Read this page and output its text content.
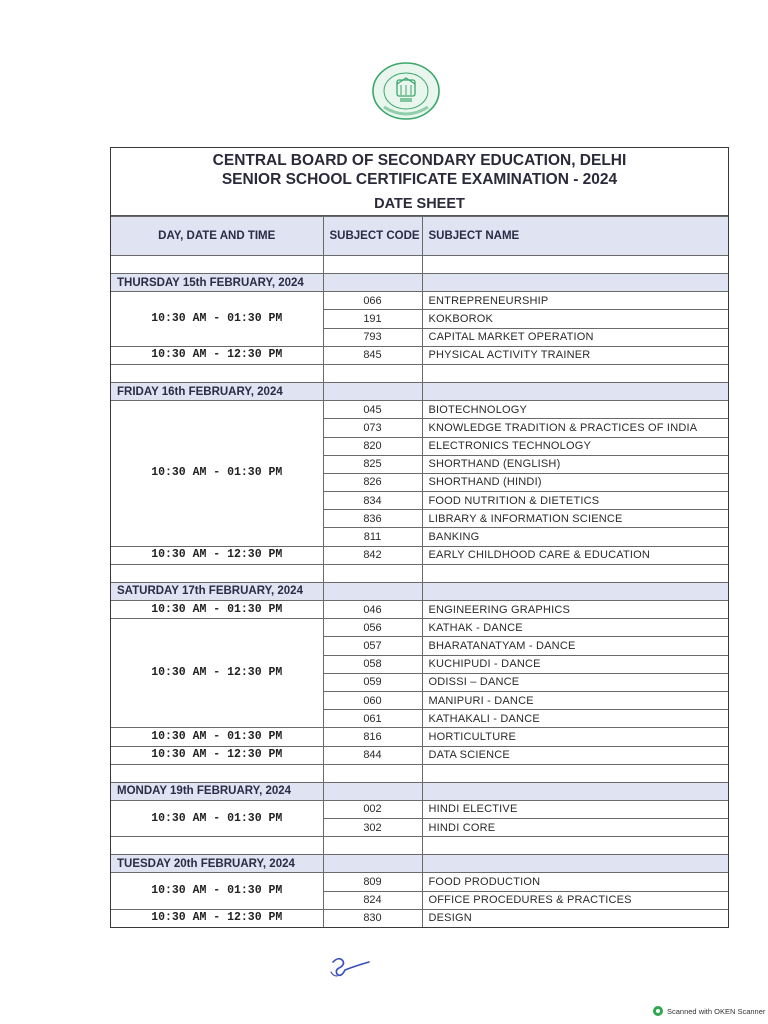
CENTRAL BOARD OF SECONDARY EDUCATION, DELHI
SENIOR SCHOOL CERTIFICATE EXAMINATION - 2024
DATE SHEET
DAY, DATE AND TIME	SUBJECT CODE	SUBJECT NAME

THURSDAY 15th FEBRUARY, 2024		
10:30 AM - 01:30 PM	066	ENTREPRENEURSHIP
	191	KOKBOROK
	793	CAPITAL MARKET OPERATION
10:30 AM - 12:30 PM	845	PHYSICAL ACTIVITY TRAINER

FRIDAY 16th FEBRUARY, 2024		
10:30 AM - 01:30 PM	045	BIOTECHNOLOGY
	073	KNOWLEDGE TRADITION & PRACTICES OF INDIA
	820	ELECTRONICS TECHNOLOGY
	825	SHORTHAND (ENGLISH)
	826	SHORTHAND (HINDI)
	834	FOOD NUTRITION & DIETETICS
	836	LIBRARY & INFORMATION SCIENCE
	811	BANKING
10:30 AM - 12:30 PM	842	EARLY CHILDHOOD CARE & EDUCATION

SATURDAY 17th FEBRUARY, 2024		
10:30 AM - 01:30 PM	046	ENGINEERING GRAPHICS
10:30 AM - 12:30 PM	056	KATHAK - DANCE
	057	BHARATANATYAM - DANCE
	058	KUCHIPUDI - DANCE
	059	ODISSI – DANCE
	060	MANIPURI - DANCE
	061	KATHAKALI - DANCE
10:30 AM - 01:30 PM	816	HORTICULTURE
10:30 AM - 12:30 PM	844	DATA SCIENCE

MONDAY 19th FEBRUARY, 2024		
10:30 AM - 01:30 PM	002	HINDI ELECTIVE
	302	HINDI CORE

TUESDAY 20th FEBRUARY, 2024		
10:30 AM - 01:30 PM	809	FOOD PRODUCTION
	824	OFFICE PROCEDURES & PRACTICES
10:30 AM - 12:30 PM	830	DESIGN
Scanned with OKEN Scanner
